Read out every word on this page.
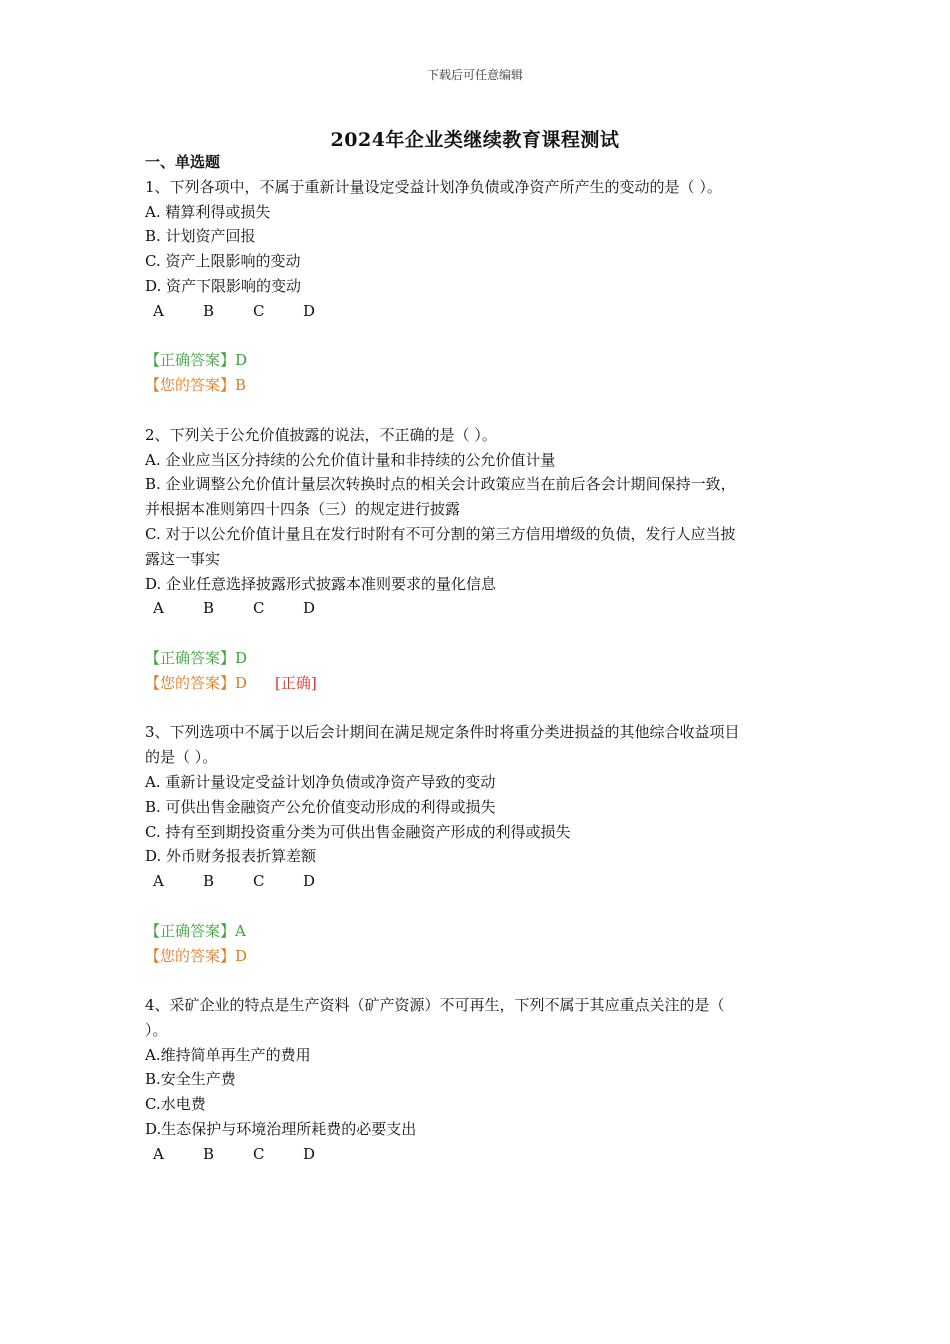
下载后可任意编辑
2024年企业类继续教育课程测试
一、单选题
1、下列各项中，不属于重新计量设定受益计划净负债或净资产所产生的变动的是（ ）。
A. 精算利得或损失
B. 计划资产回报
C. 资产上限影响的变动
D. 资产下限影响的变动
A	B	C	D
【正确答案】D
【您的答案】B
2、下列关于公允价值披露的说法，不正确的是（ ）。
A. 企业应当区分持续的公允价值计量和非持续的公允价值计量
B. 企业调整公允价值计量层次转换时点的相关会计政策应当在前后各会计期间保持一致，
并根据本准则第四十四条（三）的规定进行披露
C. 对于以公允价值计量且在发行时附有不可分割的第三方信用增级的负债，发行人应当披
露这一事实
D. 企业任意选择披露形式披露本准则要求的量化信息
A	B	C	D
【正确答案】D
【您的答案】D [正确]
3、下列选项中不属于以后会计期间在满足规定条件时将重分类进损益的其他综合收益项目
的是（ ）。
A. 重新计量设定受益计划净负债或净资产导致的变动
B. 可供出售金融资产公允价值变动形成的利得或损失
C. 持有至到期投资重分类为可供出售金融资产形成的利得或损失
D. 外币财务报表折算差额
A	B	C	D
【正确答案】A
【您的答案】D
4、采矿企业的特点是生产资料（矿产资源）不可再生，下列不属于其应重点关注的是（
）。
A.维持简单再生产的费用
B.安全生产费
C.水电费
D.生态保护与环境治理所耗费的必要支出
A	B	C	D
